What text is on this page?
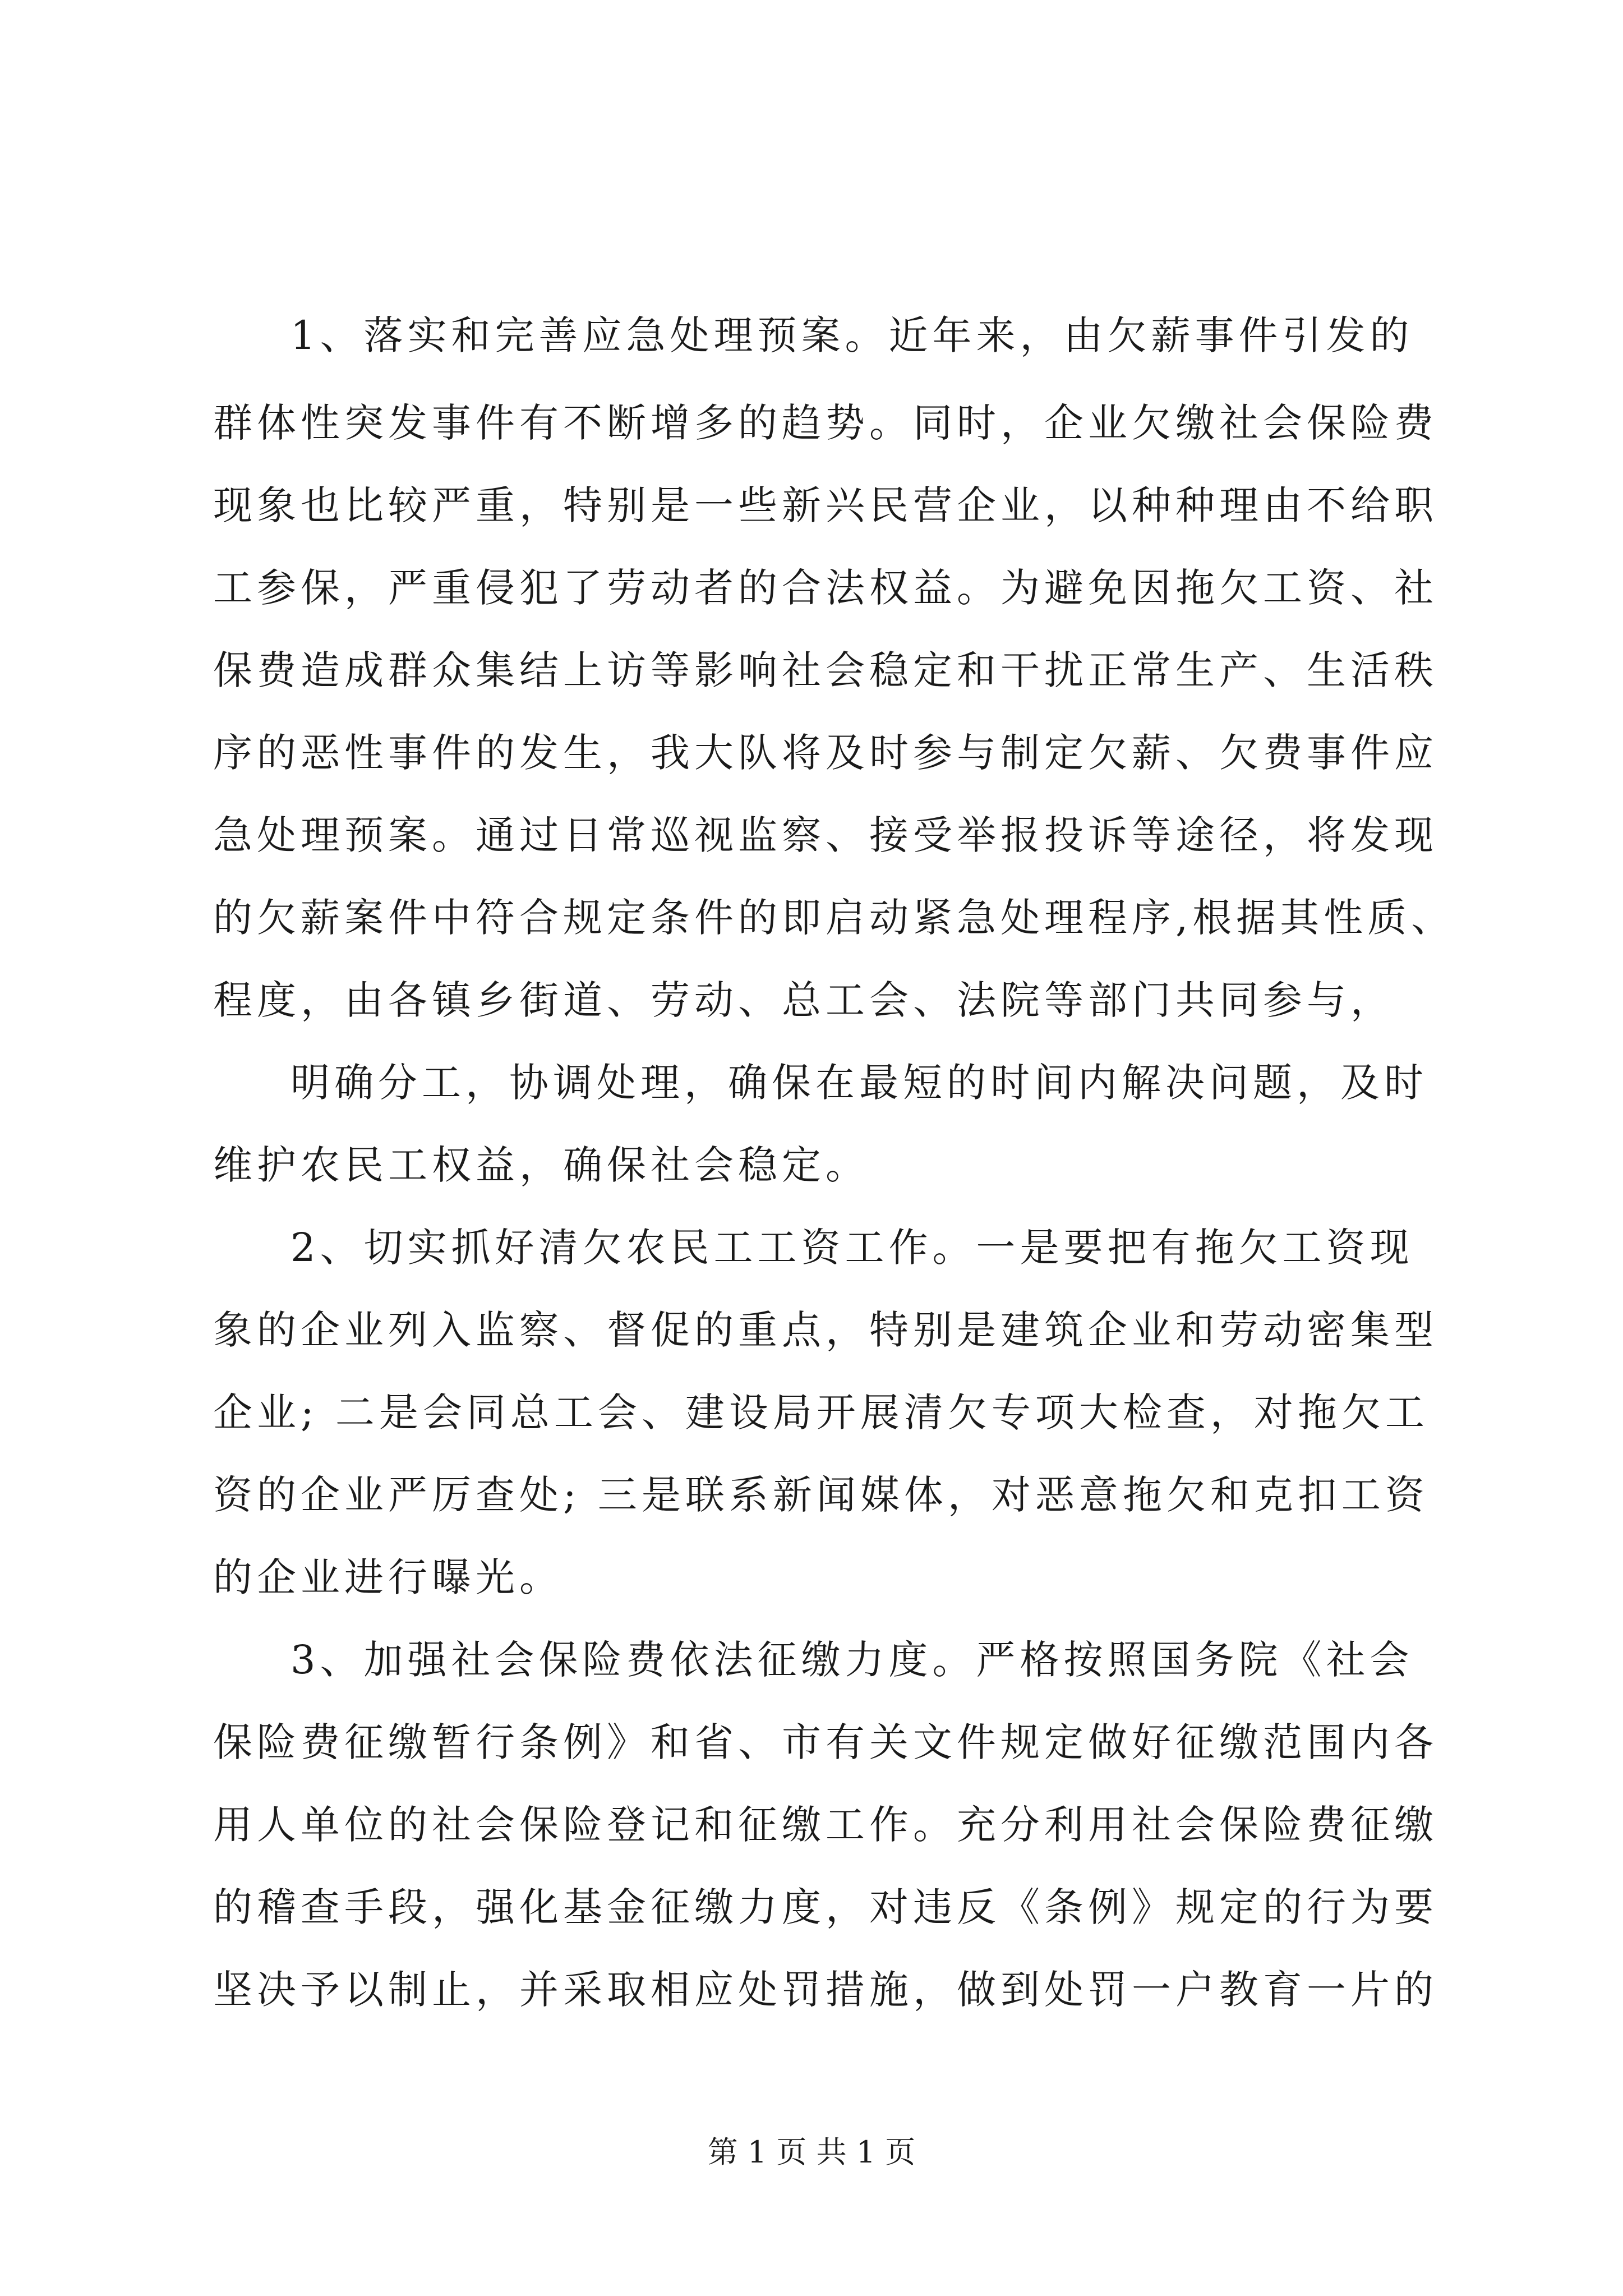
1、落实和完善应急处理预案。近年来，由欠薪事件引发的

群体性突发事件有不断增多的趋势。同时，企业欠缴社会保险费

现象也比较严重，特别是一些新兴民营企业，以种种理由不给职

工参保，严重侵犯了劳动者的合法权益。为避免因拖欠工资、社

保费造成群众集结上访等影响社会稳定和干扰正常生产、生活秩

序的恶性事件的发生，我大队将及时参与制定欠薪、欠费事件应

急处理预案。通过日常巡视监察、接受举报投诉等途径，将发现

的欠薪案件中符合规定条件的即启动紧急处理程序,根据其性质、

程度，由各镇乡街道、劳动、总工会、法院等部门共同参与，

明确分工，协调处理，确保在最短的时间内解决问题，及时

维护农民工权益，确保社会稳定。

2、切实抓好清欠农民工工资工作。一是要把有拖欠工资现

象的企业列入监察、督促的重点，特别是建筑企业和劳动密集型

企业; 二是会同总工会、建设局开展清欠专项大检查，对拖欠工

资的企业严厉查处; 三是联系新闻媒体，对恶意拖欠和克扣工资

的企业进行曝光。

3、加强社会保险费依法征缴力度。严格按照国务院《社会

保险费征缴暂行条例》和省、市有关文件规定做好征缴范围内各

用人单位的社会保险登记和征缴工作。充分利用社会保险费征缴

的稽查手段，强化基金征缴力度，对违反《条例》规定的行为要

坚决予以制止，并采取相应处罚措施，做到处罚一户教育一片的

第 1 页 共 1 页
